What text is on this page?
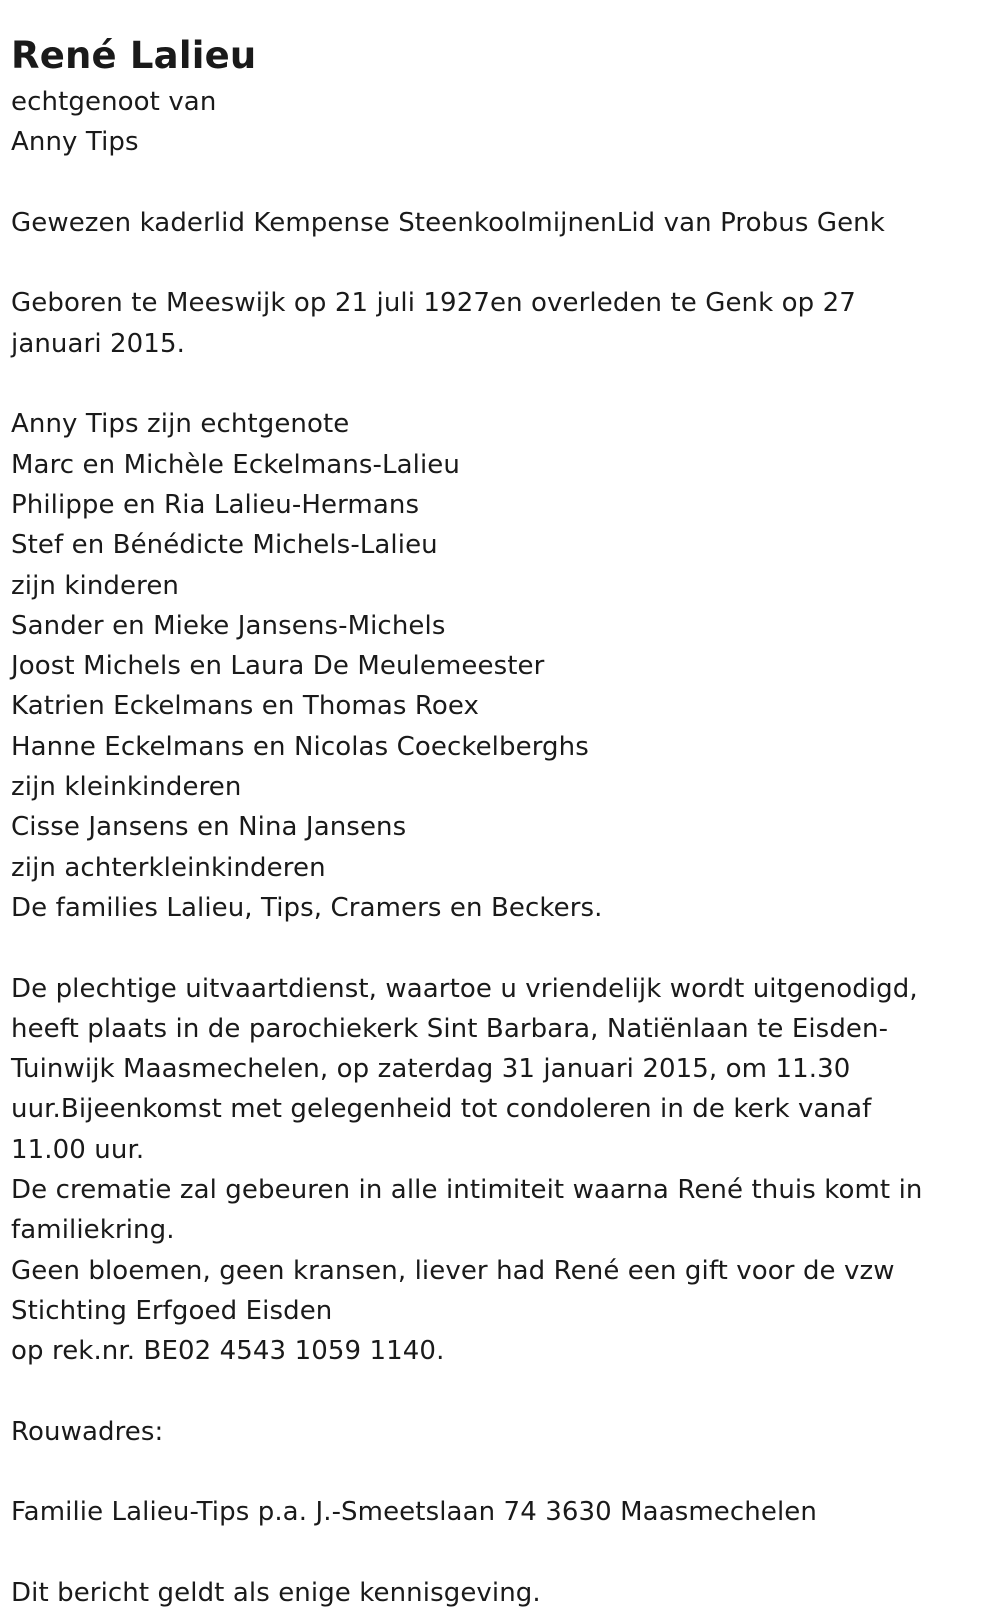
René Lalieu

echtgenoot van

Anny Tips

Gewezen kaderlid Kempense SteenkoolmijnenLid van Probus Genk

Geboren te Meeswijk op 21 juli 1927en overleden te Genk op 27 januari 2015.

Anny Tips zijn echtgenote

Marc en Michèle Eckelmans-Lalieu

Philippe en Ria Lalieu-Hermans

Stef en Bénédicte Michels-Lalieu

zijn kinderen

Sander en Mieke Jansens-Michels

Joost Michels en Laura De Meulemeester

Katrien Eckelmans en Thomas Roex

Hanne Eckelmans en Nicolas Coeckelberghs

zijn kleinkinderen

Cisse Jansens en Nina Jansens

zijn achterkleinkinderen

De families Lalieu, Tips, Cramers en Beckers.

De plechtige uitvaartdienst, waartoe u vriendelijk wordt uitgenodigd, heeft plaats in de parochiekerk Sint Barbara, Natiënlaan te Eisden-Tuinwijk Maasmechelen, op zaterdag 31 januari 2015, om 11.30 uur.Bijeenkomst met gelegenheid tot condoleren in de kerk vanaf 11.00 uur.

De crematie zal gebeuren in alle intimiteit waarna René thuis komt in familiekring.

Geen bloemen, geen kransen, liever had René een gift voor de vzw Stichting Erfgoed Eisden

op rek.nr. BE02 4543 1059 1140.

Rouwadres:

Familie Lalieu-Tips p.a. J.-Smeetslaan 74 3630 Maasmechelen

Dit bericht geldt als enige kennisgeving.
